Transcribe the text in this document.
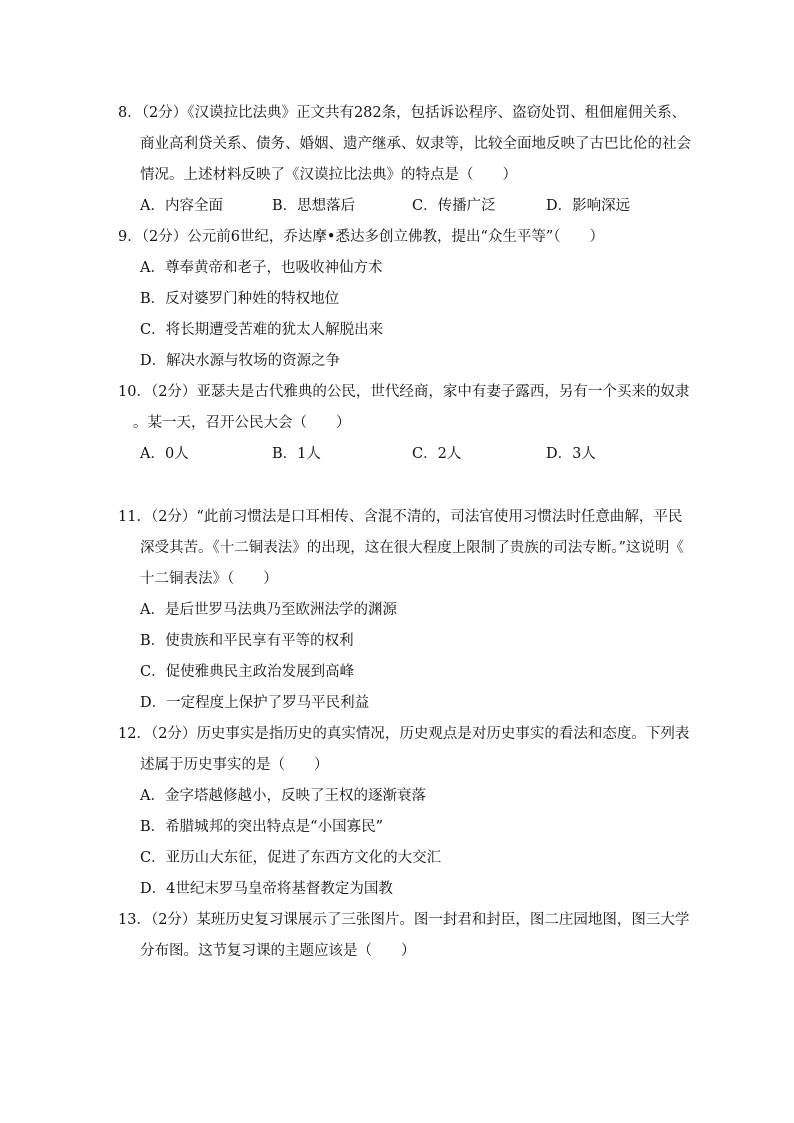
8．（2分）《汉谟拉比法典》正文共有282条，包括诉讼程序、盗窃处罚、租佃雇佣关系、
商业高利贷关系、债务、婚姻、遗产继承、奴隶等，比较全面地反映了古巴比伦的社会
情况。上述材料反映了《汉谟拉比法典》的特点是（　　）
A．内容全面	B．思想落后	C．传播广泛	D．影响深远
9．（2分）公元前6世纪，乔达摩•悉达多创立佛教，提出“众生平等”（　　）
A．尊奉黄帝和老子，也吸收神仙方术
B．反对婆罗门种姓的特权地位
C．将长期遭受苦难的犹太人解脱出来
D．解决水源与牧场的资源之争
10．（2分）亚瑟夫是古代雅典的公民，世代经商，家中有妻子露西，另有一个买来的奴隶
。某一天，召开公民大会（　　）
A．0人	B．1人	C．2人	D．3人
11．（2分）“此前习惯法是口耳相传、含混不清的，司法官使用习惯法时任意曲解，平民
深受其苦。《十二铜表法》的出现，这在很大程度上限制了贵族的司法专断。”这说明《
十二铜表法》（　　）
A．是后世罗马法典乃至欧洲法学的渊源
B．使贵族和平民享有平等的权利
C．促使雅典民主政治发展到高峰
D．一定程度上保护了罗马平民利益
12．（2分）历史事实是指历史的真实情况，历史观点是对历史事实的看法和态度。下列表
述属于历史事实的是（　　）
A．金字塔越修越小，反映了王权的逐渐衰落
B．希腊城邦的突出特点是“小国寡民”
C．亚历山大东征，促进了东西方文化的大交汇
D．4世纪末罗马皇帝将基督教定为国教
13．（2分）某班历史复习课展示了三张图片。图一封君和封臣，图二庄园地图，图三大学
分布图。这节复习课的主题应该是（　　）
